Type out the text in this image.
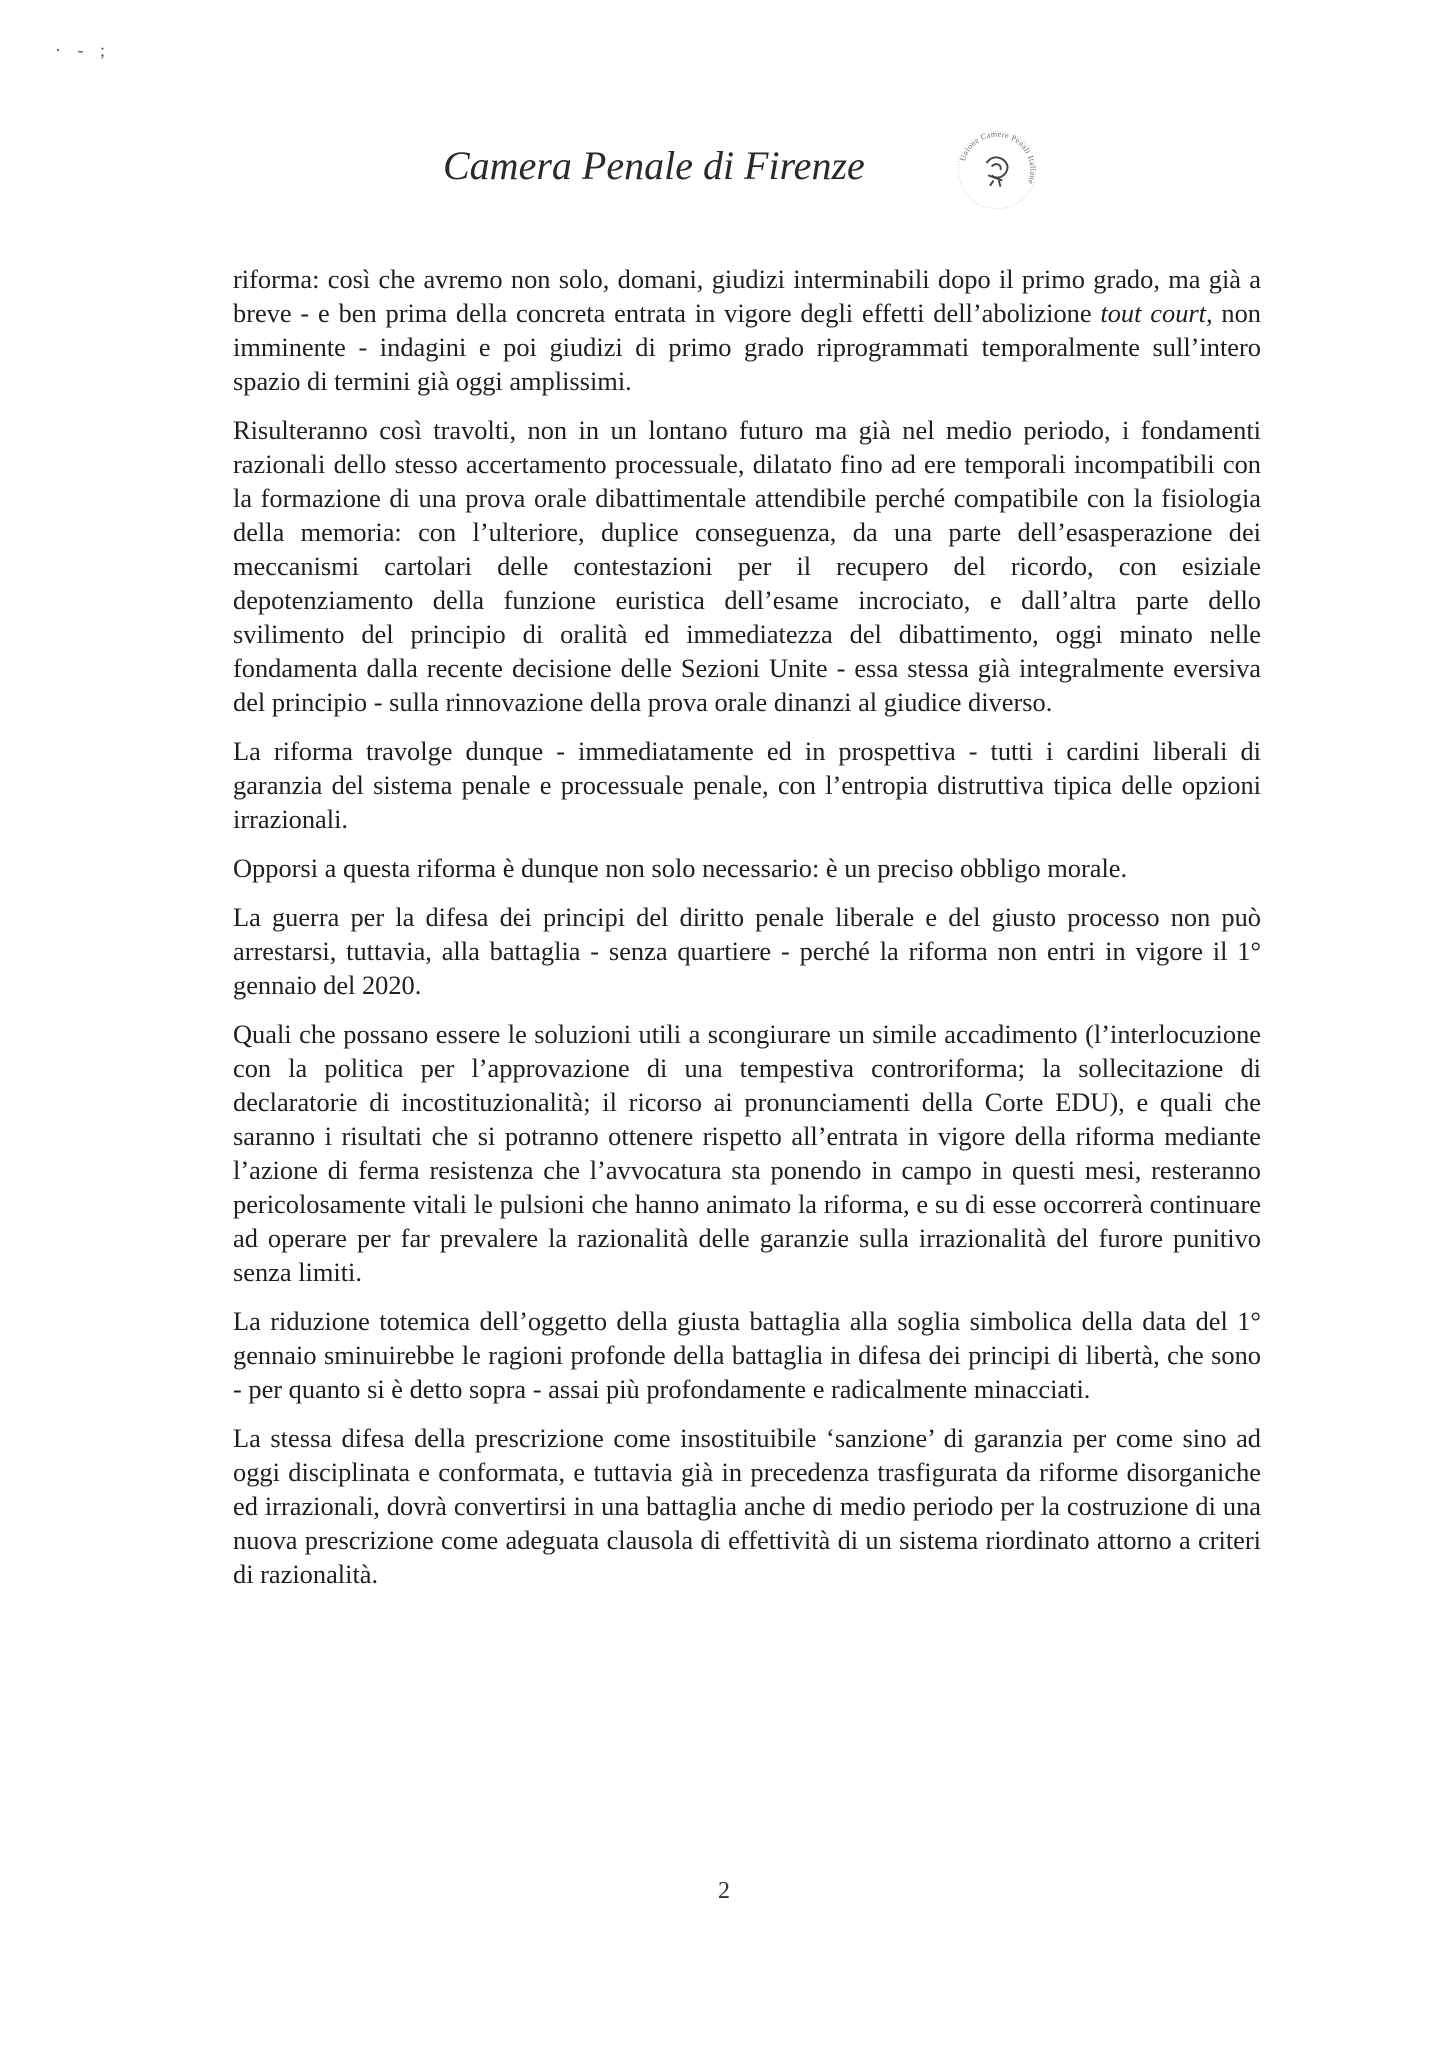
· - ;
Camera Penale di Firenze	Unione Camere Penali Italiane

riforma: così che avremo non solo, domani, giudizi interminabili dopo il primo grado, ma già a breve - e ben prima della concreta entrata in vigore degli effetti dell’abolizione tout court, non imminente - indagini e poi giudizi di primo grado riprogrammati temporalmente sull’intero spazio di termini già oggi amplissimi.

Risulteranno così travolti, non in un lontano futuro ma già nel medio periodo, i fondamenti razionali dello stesso accertamento processuale, dilatato fino ad ere temporali incompatibili con la formazione di una prova orale dibattimentale attendibile perché compatibile con la fisiologia della memoria: con l’ulteriore, duplice conseguenza, da una parte dell’esasperazione dei meccanismi cartolari delle contestazioni per il recupero del ricordo, con esiziale depotenziamento della funzione euristica dell’esame incrociato, e dall’altra parte dello svilimento del principio di oralità ed immediatezza del dibattimento, oggi minato nelle fondamenta dalla recente decisione delle Sezioni Unite - essa stessa già integralmente eversiva del principio - sulla rinnovazione della prova orale dinanzi al giudice diverso.

La riforma travolge dunque - immediatamente ed in prospettiva - tutti i cardini liberali di garanzia del sistema penale e processuale penale, con l’entropia distruttiva tipica delle opzioni irrazionali.

Opporsi a questa riforma è dunque non solo necessario: è un preciso obbligo morale.

La guerra per la difesa dei principi del diritto penale liberale e del giusto processo non può arrestarsi, tuttavia, alla battaglia - senza quartiere - perché la riforma non entri in vigore il 1° gennaio del 2020.

Quali che possano essere le soluzioni utili a scongiurare un simile accadimento (l’interlocuzione con la politica per l’approvazione di una tempestiva controriforma; la sollecitazione di declaratorie di incostituzionalità; il ricorso ai pronunciamenti della Corte EDU), e quali che saranno i risultati che si potranno ottenere rispetto all’entrata in vigore della riforma mediante l’azione di ferma resistenza che l’avvocatura sta ponendo in campo in questi mesi, resteranno pericolosamente vitali le pulsioni che hanno animato la riforma, e su di esse occorrerà continuare ad operare per far prevalere la razionalità delle garanzie sulla irrazionalità del furore punitivo senza limiti.

La riduzione totemica dell’oggetto della giusta battaglia alla soglia simbolica della data del 1° gennaio sminuirebbe le ragioni profonde della battaglia in difesa dei principi di libertà, che sono - per quanto si è detto sopra - assai più profondamente e radicalmente minacciati.

La stessa difesa della prescrizione come insostituibile ‘sanzione’ di garanzia per come sino ad oggi disciplinata e conformata, e tuttavia già in precedenza trasfigurata da riforme disorganiche ed irrazionali, dovrà convertirsi in una battaglia anche di medio periodo per la costruzione di una nuova prescrizione come adeguata clausola di effettività di un sistema riordinato attorno a criteri di razionalità.

2
